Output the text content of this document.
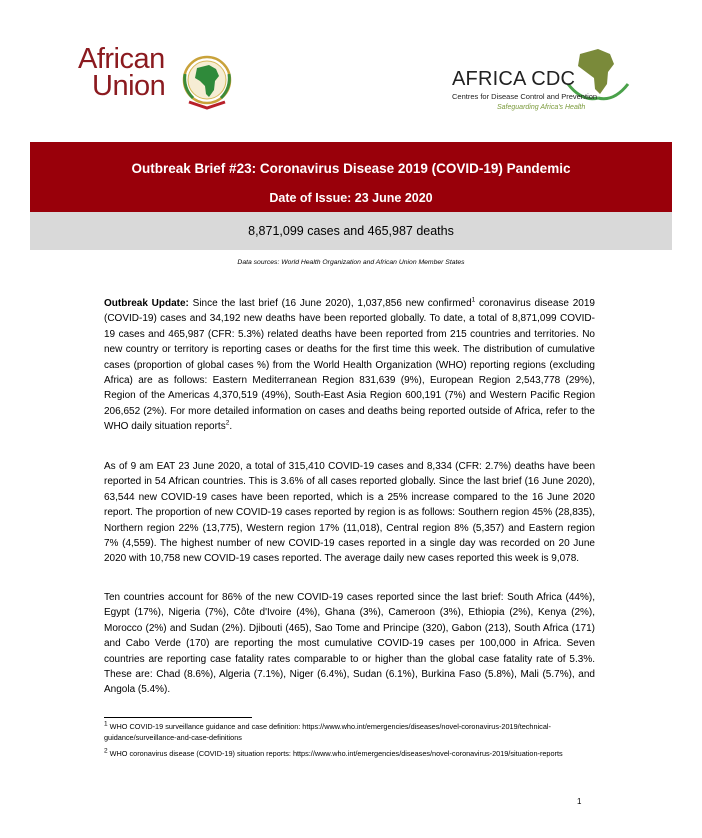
African
Union	AFRICA CDC
Centres for Disease Control and Prevention
Safeguarding Africa's Health
Outbreak Brief #23: Coronavirus Disease 2019 (COVID-19) Pandemic
Date of Issue: 23 June 2020
8,871,099 cases and 465,987 deaths
Data sources: World Health Organization and African Union Member States

Outbreak Update: Since the last brief (16 June 2020), 1,037,856 new confirmed$^1$ coronavirus disease 2019 (COVID-19) cases and 34,192 new deaths have been reported globally. To date, a total of 8,871,099 COVID-19 cases and 465,987 (CFR: 5.3%) related deaths have been reported from 215 countries and territories. No new country or territory is reporting cases or deaths for the first time this week. The distribution of cumulative cases (proportion of global cases %) from the World Health Organization (WHO) reporting regions (excluding Africa) are as follows: Eastern Mediterranean Region 831,639 (9%), European Region 2,543,778 (29%), Region of the Americas 4,370,519 (49%), South-East Asia Region 600,191 (7%) and Western Pacific Region 206,652 (2%). For more detailed information on cases and deaths being reported outside of Africa, refer to the WHO daily situation reports$^2$.

As of 9 am EAT 23 June 2020, a total of 315,410 COVID-19 cases and 8,334 (CFR: 2.7%) deaths have been reported in 54 African countries. This is 3.6% of all cases reported globally. Since the last brief (16 June 2020), 63,544 new COVID-19 cases have been reported, which is a 25% increase compared to the 16 June 2020 report. The proportion of new COVID-19 cases reported by region is as follows: Southern region 45% (28,835), Northern region 22% (13,775), Western region 17% (11,018), Central region 8% (5,357) and Eastern region 7% (4,559). The highest number of new COVID-19 cases reported in a single day was recorded on 20 June 2020 with 10,758 new COVID-19 cases reported. The average daily new cases reported this week is 9,078.

Ten countries account for 86% of the new COVID-19 cases reported since the last brief: South Africa (44%), Egypt (17%), Nigeria (7%), Côte d'Ivoire (4%), Ghana (3%), Cameroon (3%), Ethiopia (2%), Kenya (2%), Morocco (2%) and Sudan (2%). Djibouti (465), Sao Tome and Principe (320), Gabon (213), South Africa (171) and Cabo Verde (170) are reporting the most cumulative COVID-19 cases per 100,000 in Africa. Seven countries are reporting case fatality rates comparable to or higher than the global case fatality rate of 5.3%. These are: Chad (8.6%), Algeria (7.1%), Niger (6.4%), Sudan (6.1%), Burkina Faso (5.8%), Mali (5.7%), and Angola (5.4%).

$^1$ WHO COVID-19 surveillance guidance and case definition: https://www.who.int/emergencies/diseases/novel-coronavirus-2019/technical-guidance/surveillance-and-case-definitions

$^2$ WHO coronavirus disease (COVID-19) situation reports: https://www.who.int/emergencies/diseases/novel-coronavirus-2019/situation-reports

1
